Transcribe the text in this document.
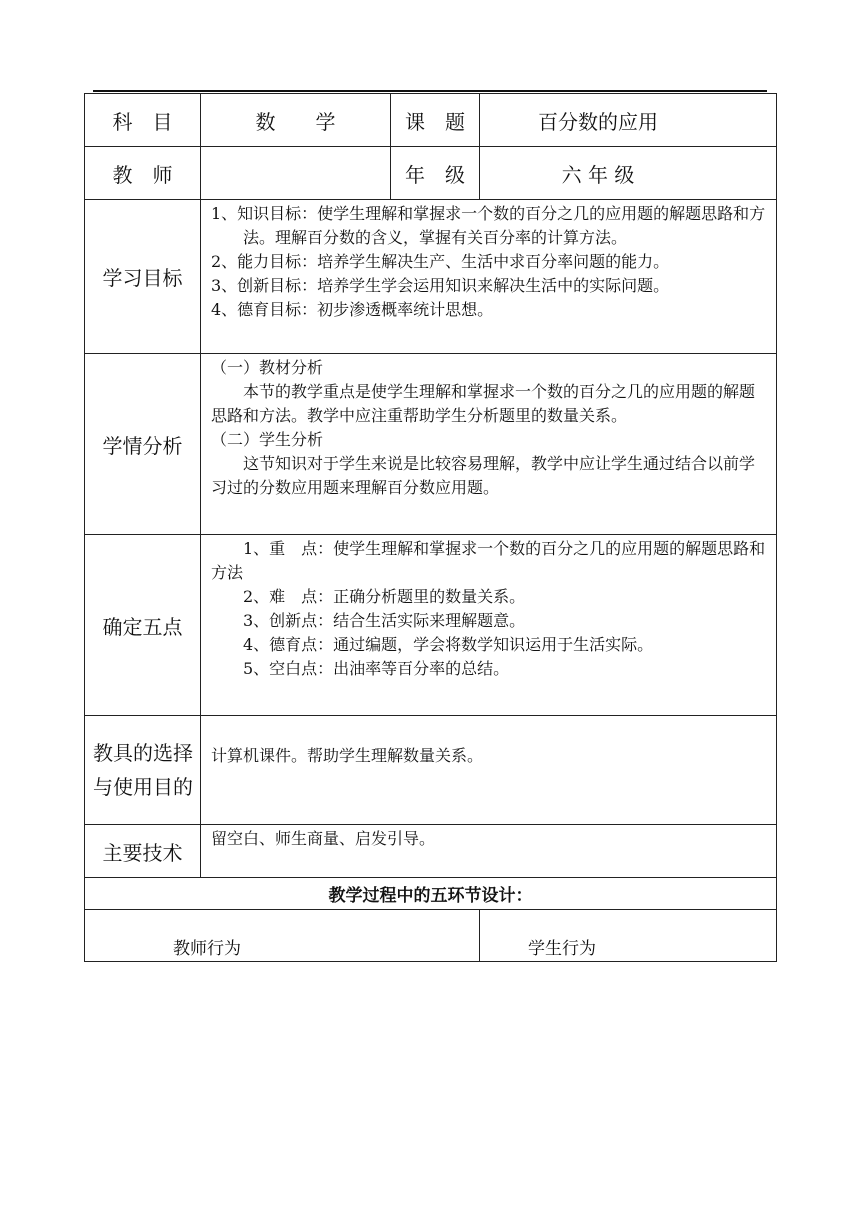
科　目	数　　学	课　题	百分数的应用
教　师		年　级	六 年 级
学习目标	1、知识目标：使学生理解和掌握求一个数的百分之几的应用题的解题思路和方法。理解百分数的含义，掌握有关百分率的计算方法。

2、能力目标：培养学生解决生产、生活中求百分率问题的能力。

3、创新目标：培养学生学会运用知识来解决生活中的实际问题。

4、德育目标：初步渗透概率统计思想。		

学情分析	（一）教材分析

本节的教学重点是使学生理解和掌握求一个数的百分之几的应用题的解题思路和方法。教学中应注重帮助学生分析题里的数量关系。

（二）学生分析

这节知识对于学生来说是比较容易理解，教学中应让学生通过结合以前学习过的分数应用题来理解百分数应用题。		

确定五点	1、重　点：使学生理解和掌握求一个数的百分之几的应用题的解题思路和方法

2、难　点：正确分析题里的数量关系。

3、创新点：结合生活实际来理解题意。

4、德育点：通过编题，学会将数学知识运用于生活实际。

5、空白点：出油率等百分率的总结。		

教具的选择与使用目的	计算机课件。帮助学生理解数量关系。		

主要技术	留空白、师生商量、启发引导。		

教学过程中的五环节设计：			
教师行为			学生行为
